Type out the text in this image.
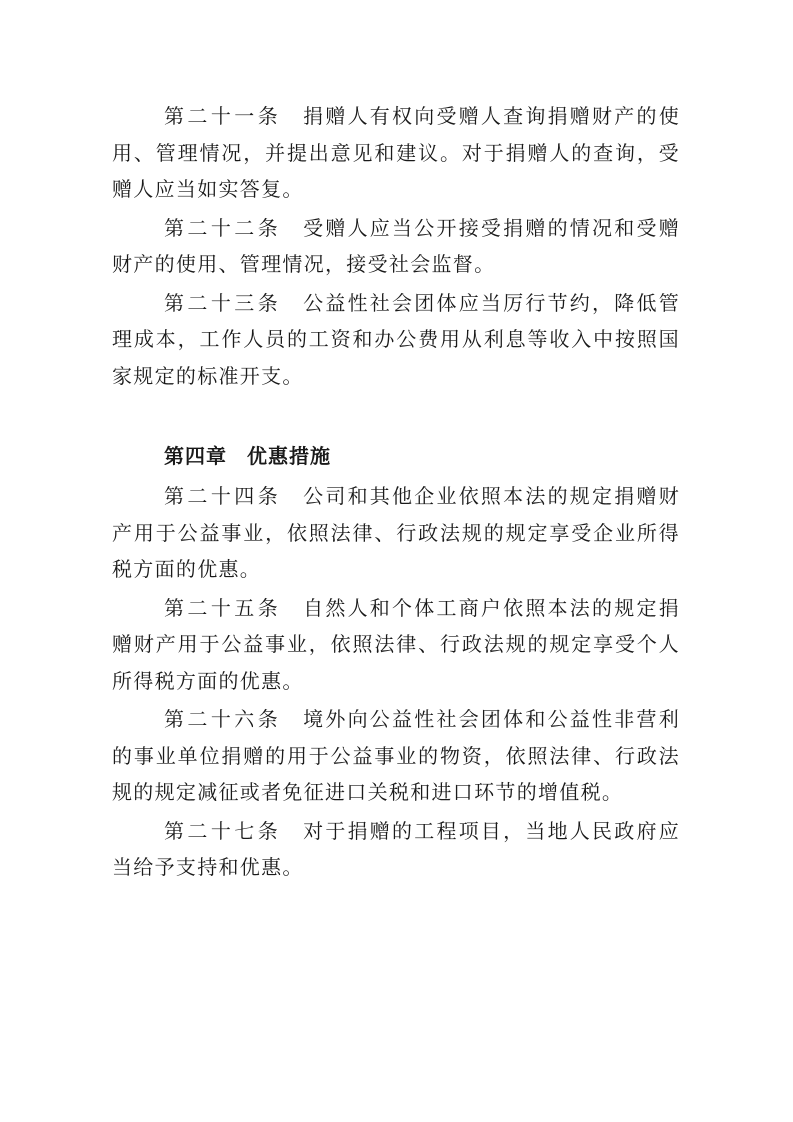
第二十一条 捐赠人有权向受赠人查询捐赠财产的使用、管理情况，并提出意见和建议。对于捐赠人的查询，受赠人应当如实答复。

第二十二条 受赠人应当公开接受捐赠的情况和受赠财产的使用、管理情况，接受社会监督。

第二十三条 公益性社会团体应当厉行节约，降低管理成本，工作人员的工资和办公费用从利息等收入中按照国家规定的标准开支。

第四章 优惠措施

第二十四条 公司和其他企业依照本法的规定捐赠财产用于公益事业，依照法律、行政法规的规定享受企业所得税方面的优惠。

第二十五条 自然人和个体工商户依照本法的规定捐赠财产用于公益事业，依照法律、行政法规的规定享受个人所得税方面的优惠。

第二十六条 境外向公益性社会团体和公益性非营利的事业单位捐赠的用于公益事业的物资，依照法律、行政法规的规定减征或者免征进口关税和进口环节的增值税。

第二十七条 对于捐赠的工程项目，当地人民政府应当给予支持和优惠。
